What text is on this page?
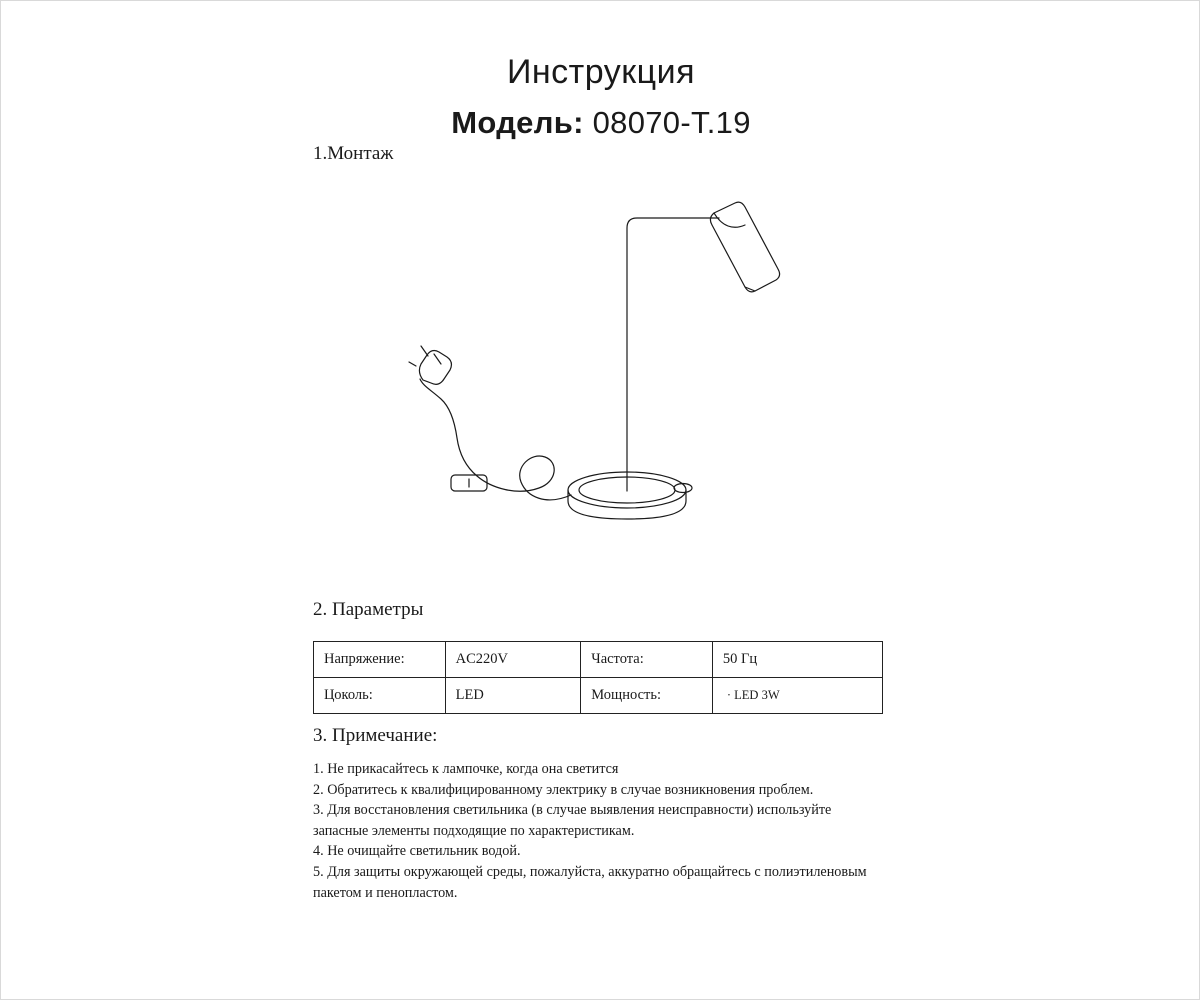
Инструкция
Модель: 08070-T.19
1.Монтаж
2. Параметры
Напряжение:	AC220V	Частота:	50 Гц
Цоколь:	LED	Мощность:	· LED 3W
3. Примечание:

1. Не прикасайтесь к лампочке, когда она светится

2. Обратитесь к квалифицированному электрику в случае возникновения проблем.

3. Для восстановления светильника (в случае выявления неисправности) используйте запасные элементы подходящие по характеристикам.

4. Не очищайте светильник водой.

5. Для защиты окружающей среды, пожалуйста, аккуратно обращайтесь с полиэтиленовым пакетом и пенопластом.
